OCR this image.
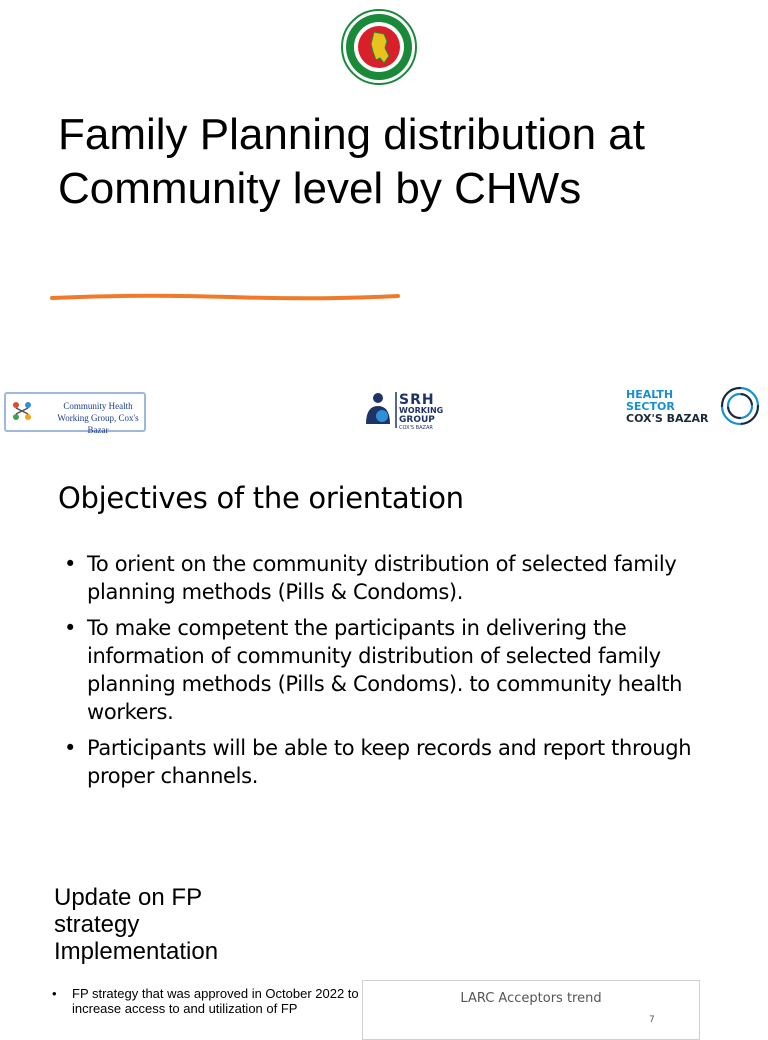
Family Planning distribution at Community level by CHWs
Community Health
Working Group, Cox's Bazar
SRH
WORKING
GROUP
COX'S BAZAR
HEALTH
SECTOR
COX'S BAZAR
Objectives of the orientation
• To orient on the community distribution of selected family planning methods (Pills & Condoms).
• To make competent the participants in delivering the information of community distribution of selected family planning methods (Pills & Condoms). to community health workers.
• Participants will be able to keep records and report through proper channels.
Update on FP strategy Implementation
• FP strategy that was approved in October 2022 to increase access to and utilization of FP
LARC Acceptors trend
7
